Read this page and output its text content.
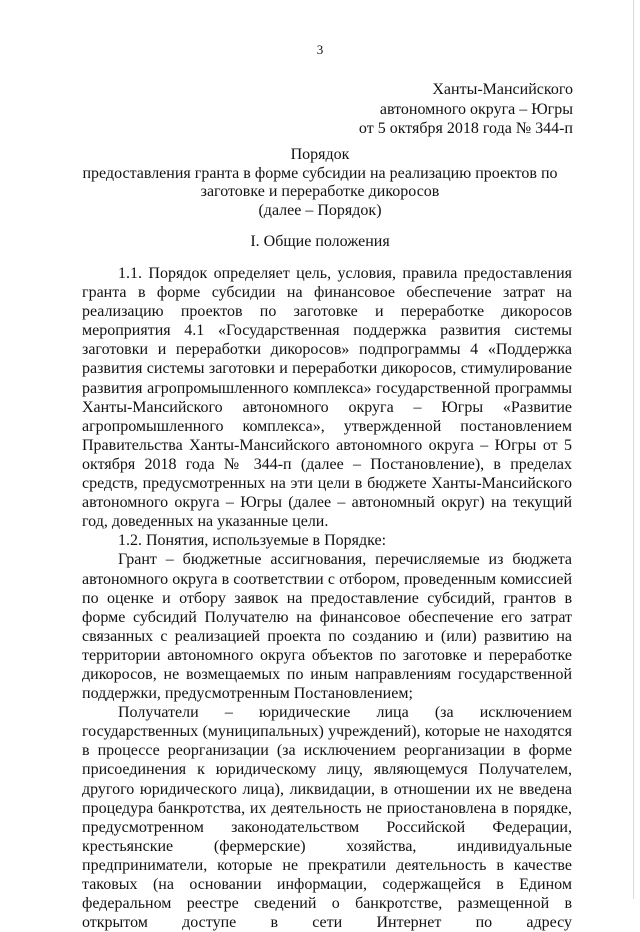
3
Ханты-Мансийского
автономного округа – Югры
от 5 октября 2018 года № 344-п
Порядок
предоставления гранта в форме субсидии на реализацию проектов по
заготовке и переработке дикоросов
(далее – Порядок)
I. Общие положения

1.1. Порядок определяет цель, условия, правила предоставления гранта в форме субсидии на финансовое обеспечение затрат на реализацию проектов по заготовке и переработке дикоросов мероприятия 4.1 «Государственная поддержка развития системы заготовки и переработки дикоросов» подпрограммы 4 «Поддержка развития системы заготовки и переработки дикоросов, стимулирование развития агропромышленного комплекса» государственной программы Ханты-Мансийского автономного округа – Югры «Развитие агропромышленного комплекса», утвержденной постановлением Правительства Ханты-Мансийского автономного округа – Югры от 5 октября 2018 года № 344-п (далее – Постановление), в пределах средств, предусмотренных на эти цели в бюджете Ханты-Мансийского автономного округа – Югры (далее – автономный округ) на текущий год, доведенных на указанные цели.

1.2. Понятия, используемые в Порядке:

Грант – бюджетные ассигнования, перечисляемые из бюджета автономного округа в соответствии с отбором, проведенным комиссией по оценке и отбору заявок на предоставление субсидий, грантов в форме субсидий Получателю на финансовое обеспечение его затрат связанных с реализацией проекта по созданию и (или) развитию на территории автономного округа объектов по заготовке и переработке дикоросов, не возмещаемых по иным направлениям государственной поддержки, предусмотренным Постановлением;

Получатели – юридические лица (за исключением государственных (муниципальных) учреждений), которые не находятся в процессе реорганизации (за исключением реорганизации в форме присоединения к юридическому лицу, являющемуся Получателем, другого юридического лица), ликвидации, в отношении их не введена процедура банкротства, их деятельность не приостановлена в порядке, предусмотренном законодательством Российской Федерации, крестьянские (фермерские) хозяйства, индивидуальные предприниматели, которые не прекратили деятельность в качестве таковых (на основании информации, содержащейся в Едином федеральном реестре сведений о банкротстве, размещенной в открытом доступе в сети Интернет по адресу
